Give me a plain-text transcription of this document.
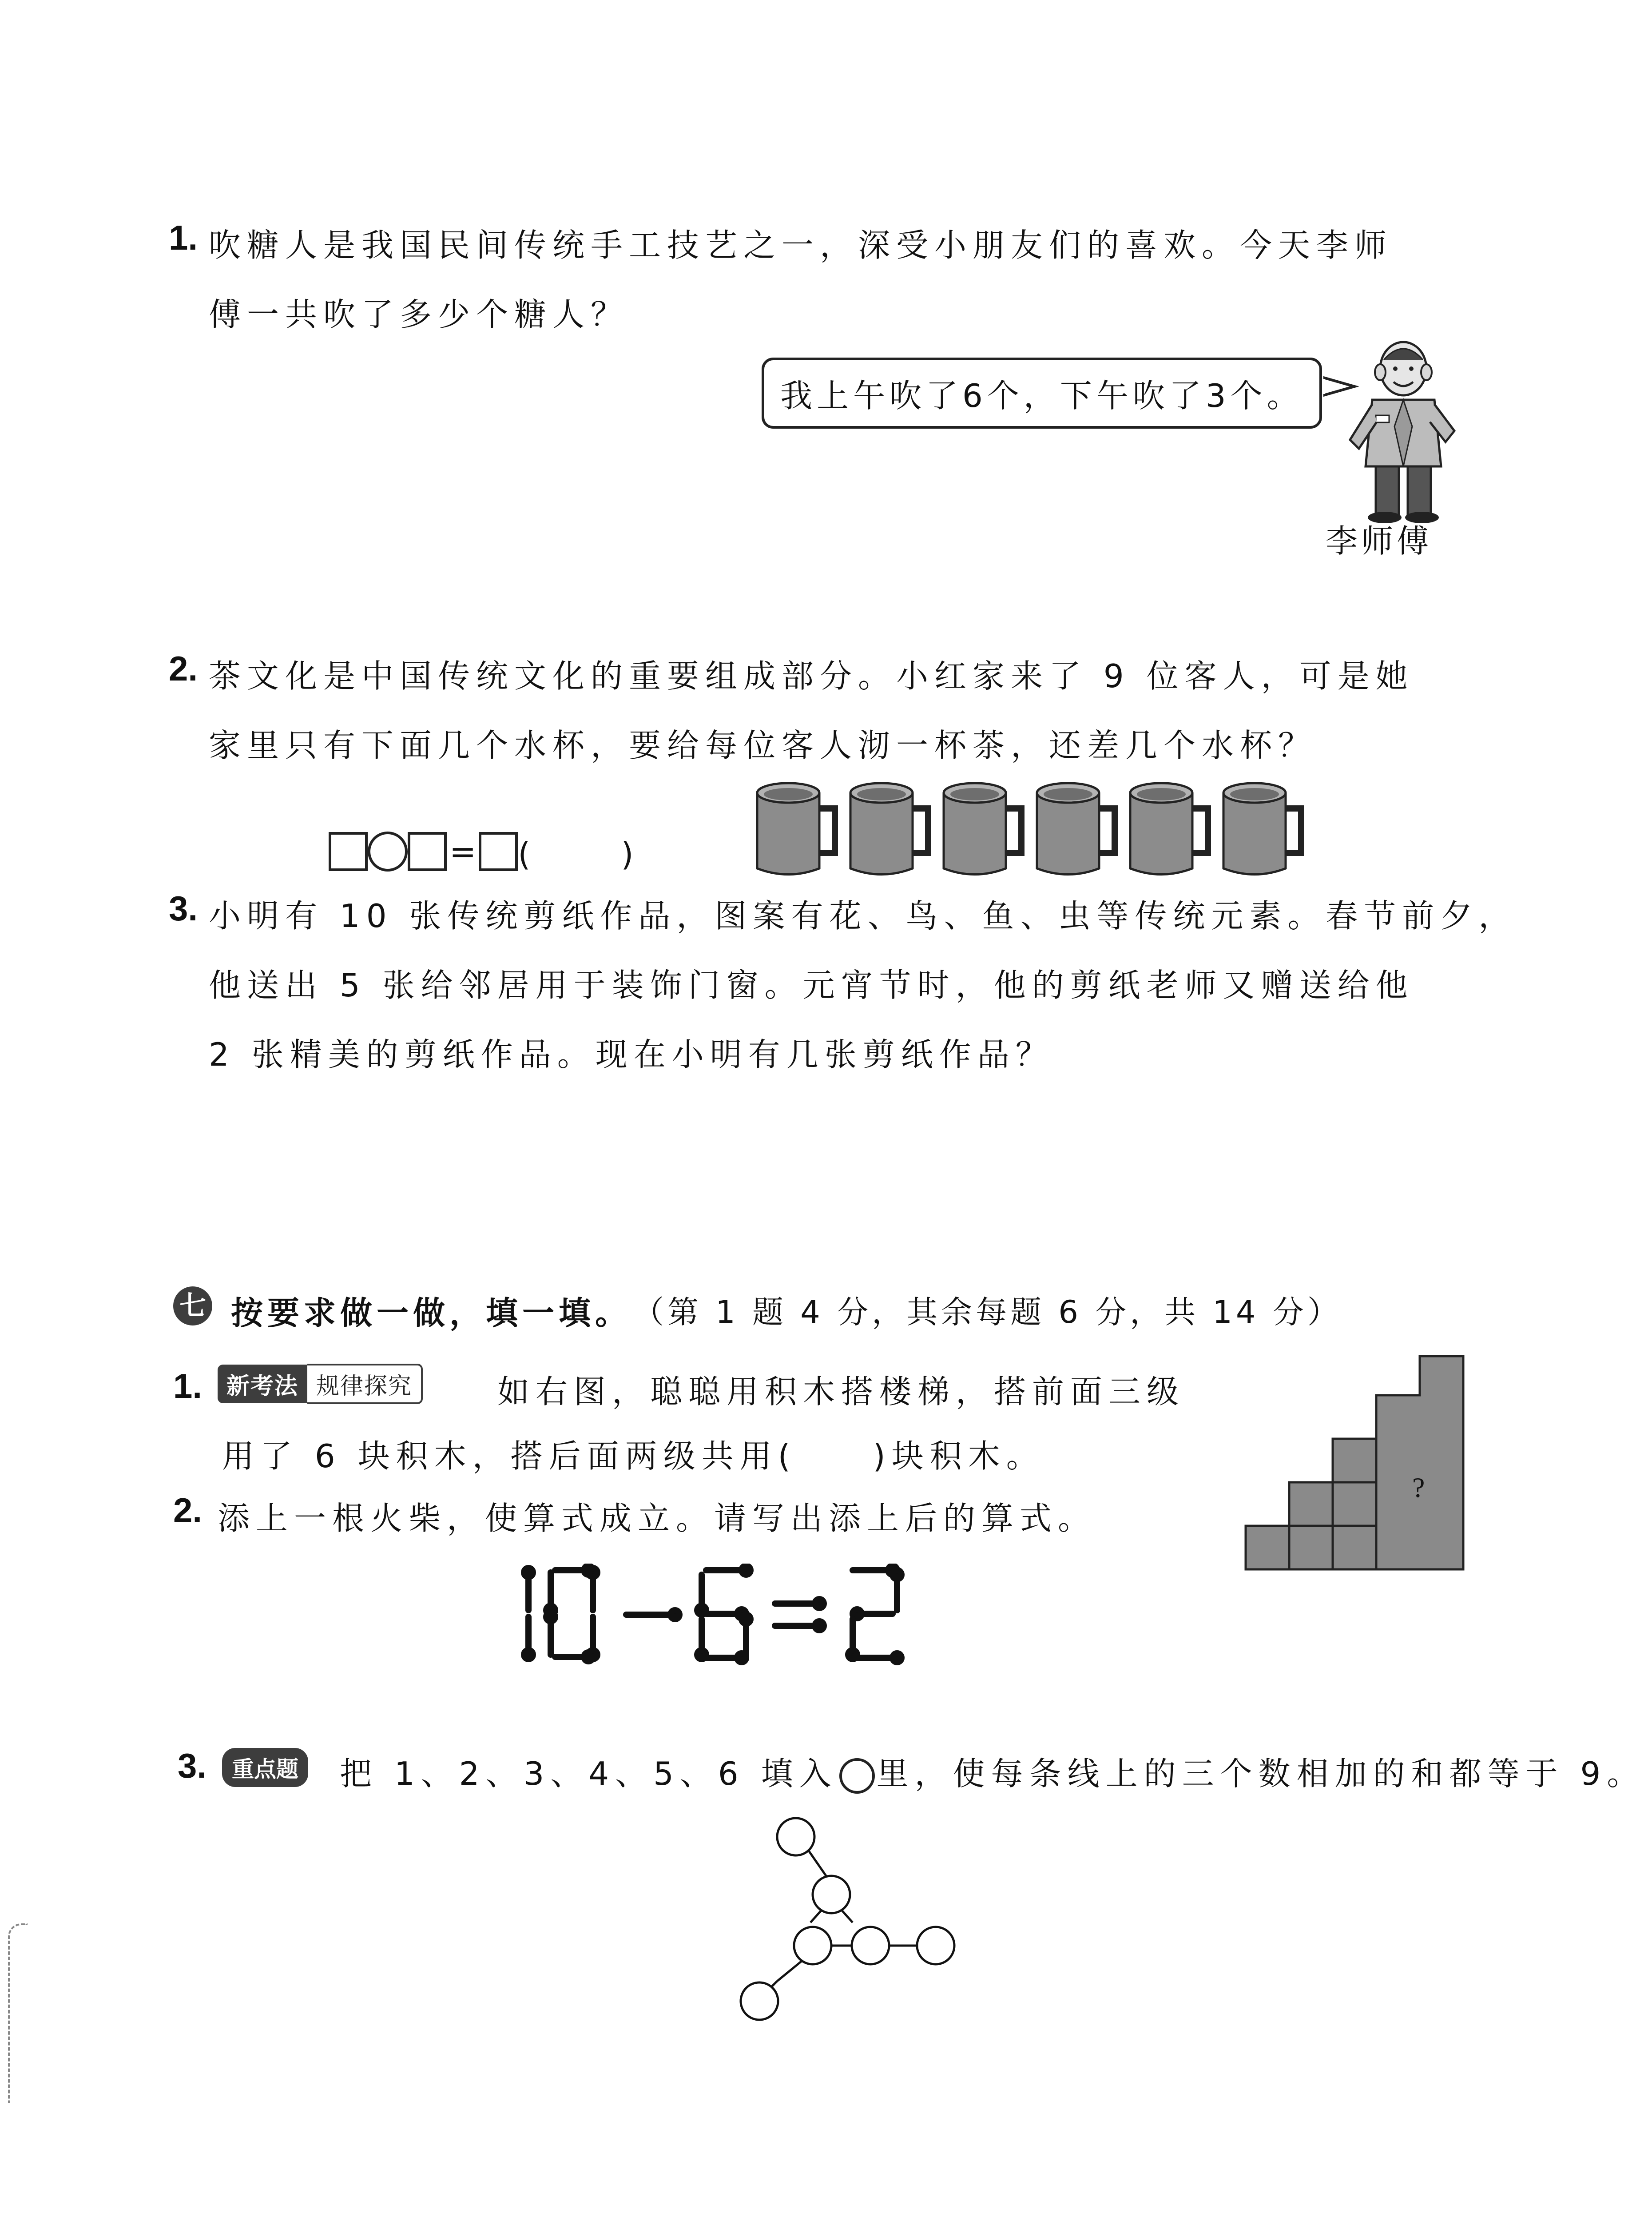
1. 吹糖人是我国民间传统手工技艺之一，深受小朋友们的喜欢。今天李师
傅一共吹了多少个糖人？
我上午吹了6个，下午吹了3个。
李师傅
2. 茶文化是中国传统文化的重要组成部分。小红家来了 9 位客人，可是她
家里只有下面几个水杯，要给每位客人沏一杯茶，还差几个水杯？
= (　　)
3. 小明有 10 张传统剪纸作品，图案有花、鸟、鱼、虫等传统元素。春节前夕，
他送出 5 张给邻居用于装饰门窗。元宵节时，他的剪纸老师又赠送给他
2 张精美的剪纸作品。现在小明有几张剪纸作品？
七 按要求做一做，填一填。 （第 1 题 4 分，其余每题 6 分，共 14 分）
1.	新考法 规律探究	如右图，聪聪用积木搭楼梯，搭前面三级
用了 6 块积木，搭后面两级共用(　　)块积木。
?
2. 添上一根火柴，使算式成立。请写出添上后的算式。
3.	重点题	把 1、2、3、4、5、6 填入 里，使每条线上的三个数相加的和都等于 9。
